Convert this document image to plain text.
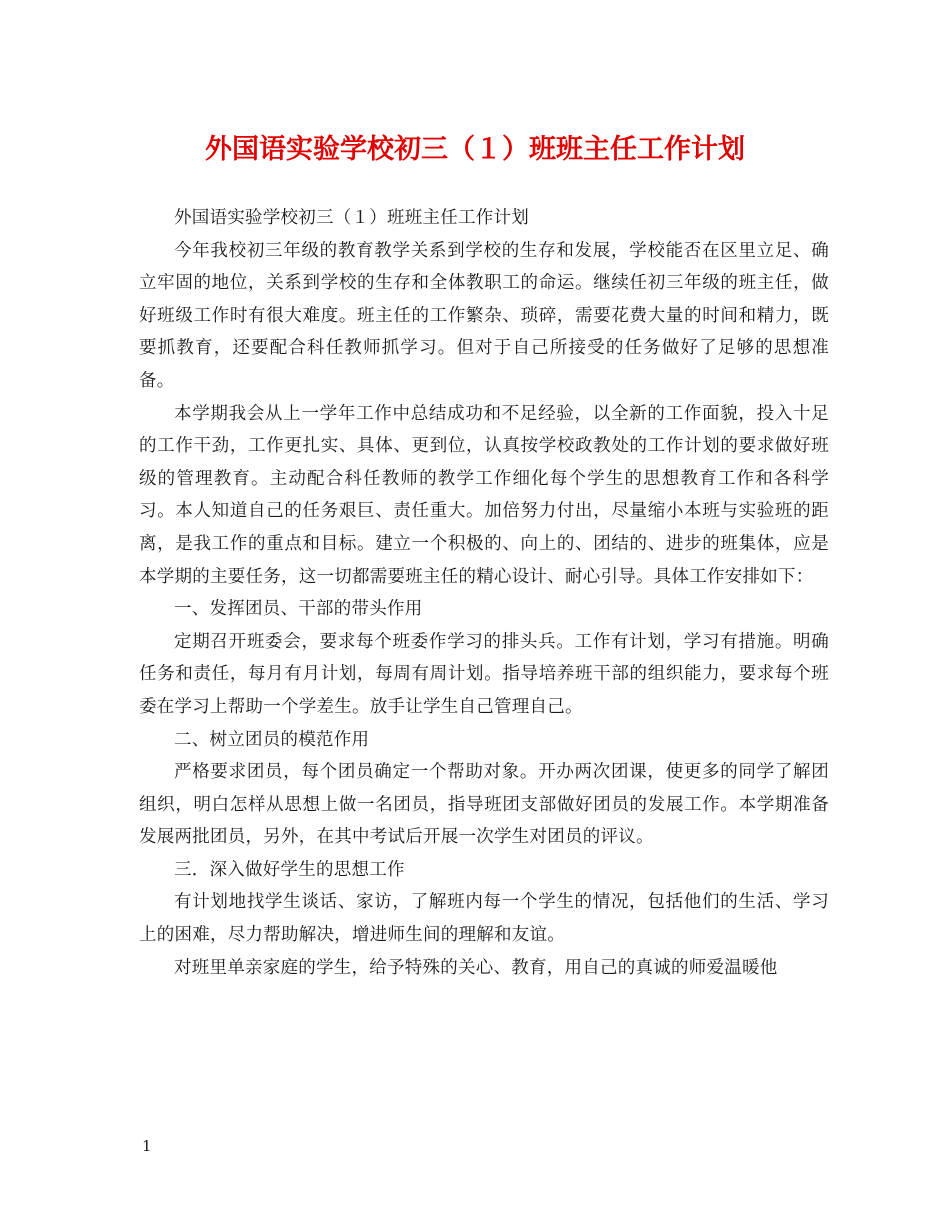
外国语实验学校初三（１）班班主任工作计划

外国语实验学校初三（１）班班主任工作计划

今年我校初三年级的教育教学关系到学校的生存和发展，学校能否在区里立足、确立牢固的地位，关系到学校的生存和全体教职工的命运。继续任初三年级的班主任，做好班级工作时有很大难度。班主任的工作繁杂、琐碎，需要花费大量的时间和精力，既要抓教育，还要配合科任教师抓学习。但对于自己所接受的任务做好了足够的思想准备。

本学期我会从上一学年工作中总结成功和不足经验，以全新的工作面貌，投入十足的工作干劲，工作更扎实、具体、更到位，认真按学校政教处的工作计划的要求做好班级的管理教育。主动配合科任教师的教学工作细化每个学生的思想教育工作和各科学习。本人知道自己的任务艰巨、责任重大。加倍努力付出，尽量缩小本班与实验班的距离，是我工作的重点和目标。建立一个积极的、向上的、团结的、进步的班集体，应是本学期的主要任务，这一切都需要班主任的精心设计、耐心引导。具体工作安排如下：

一、发挥团员、干部的带头作用

定期召开班委会，要求每个班委作学习的排头兵。工作有计划，学习有措施。明确任务和责任，每月有月计划，每周有周计划。指导培养班干部的组织能力，要求每个班委在学习上帮助一个学差生。放手让学生自己管理自己。

二、树立团员的模范作用

严格要求团员，每个团员确定一个帮助对象。开办两次团课，使更多的同学了解团组织，明白怎样从思想上做一名团员，指导班团支部做好团员的发展工作。本学期准备发展两批团员，另外，在其中考试后开展一次学生对团员的评议。

三．深入做好学生的思想工作

有计划地找学生谈话、家访，了解班内每一个学生的情况，包括他们的生活、学习上的困难，尽力帮助解决，增进师生间的理解和友谊。

对班里单亲家庭的学生，给予特殊的关心、教育，用自己的真诚的师爱温暖他

1
